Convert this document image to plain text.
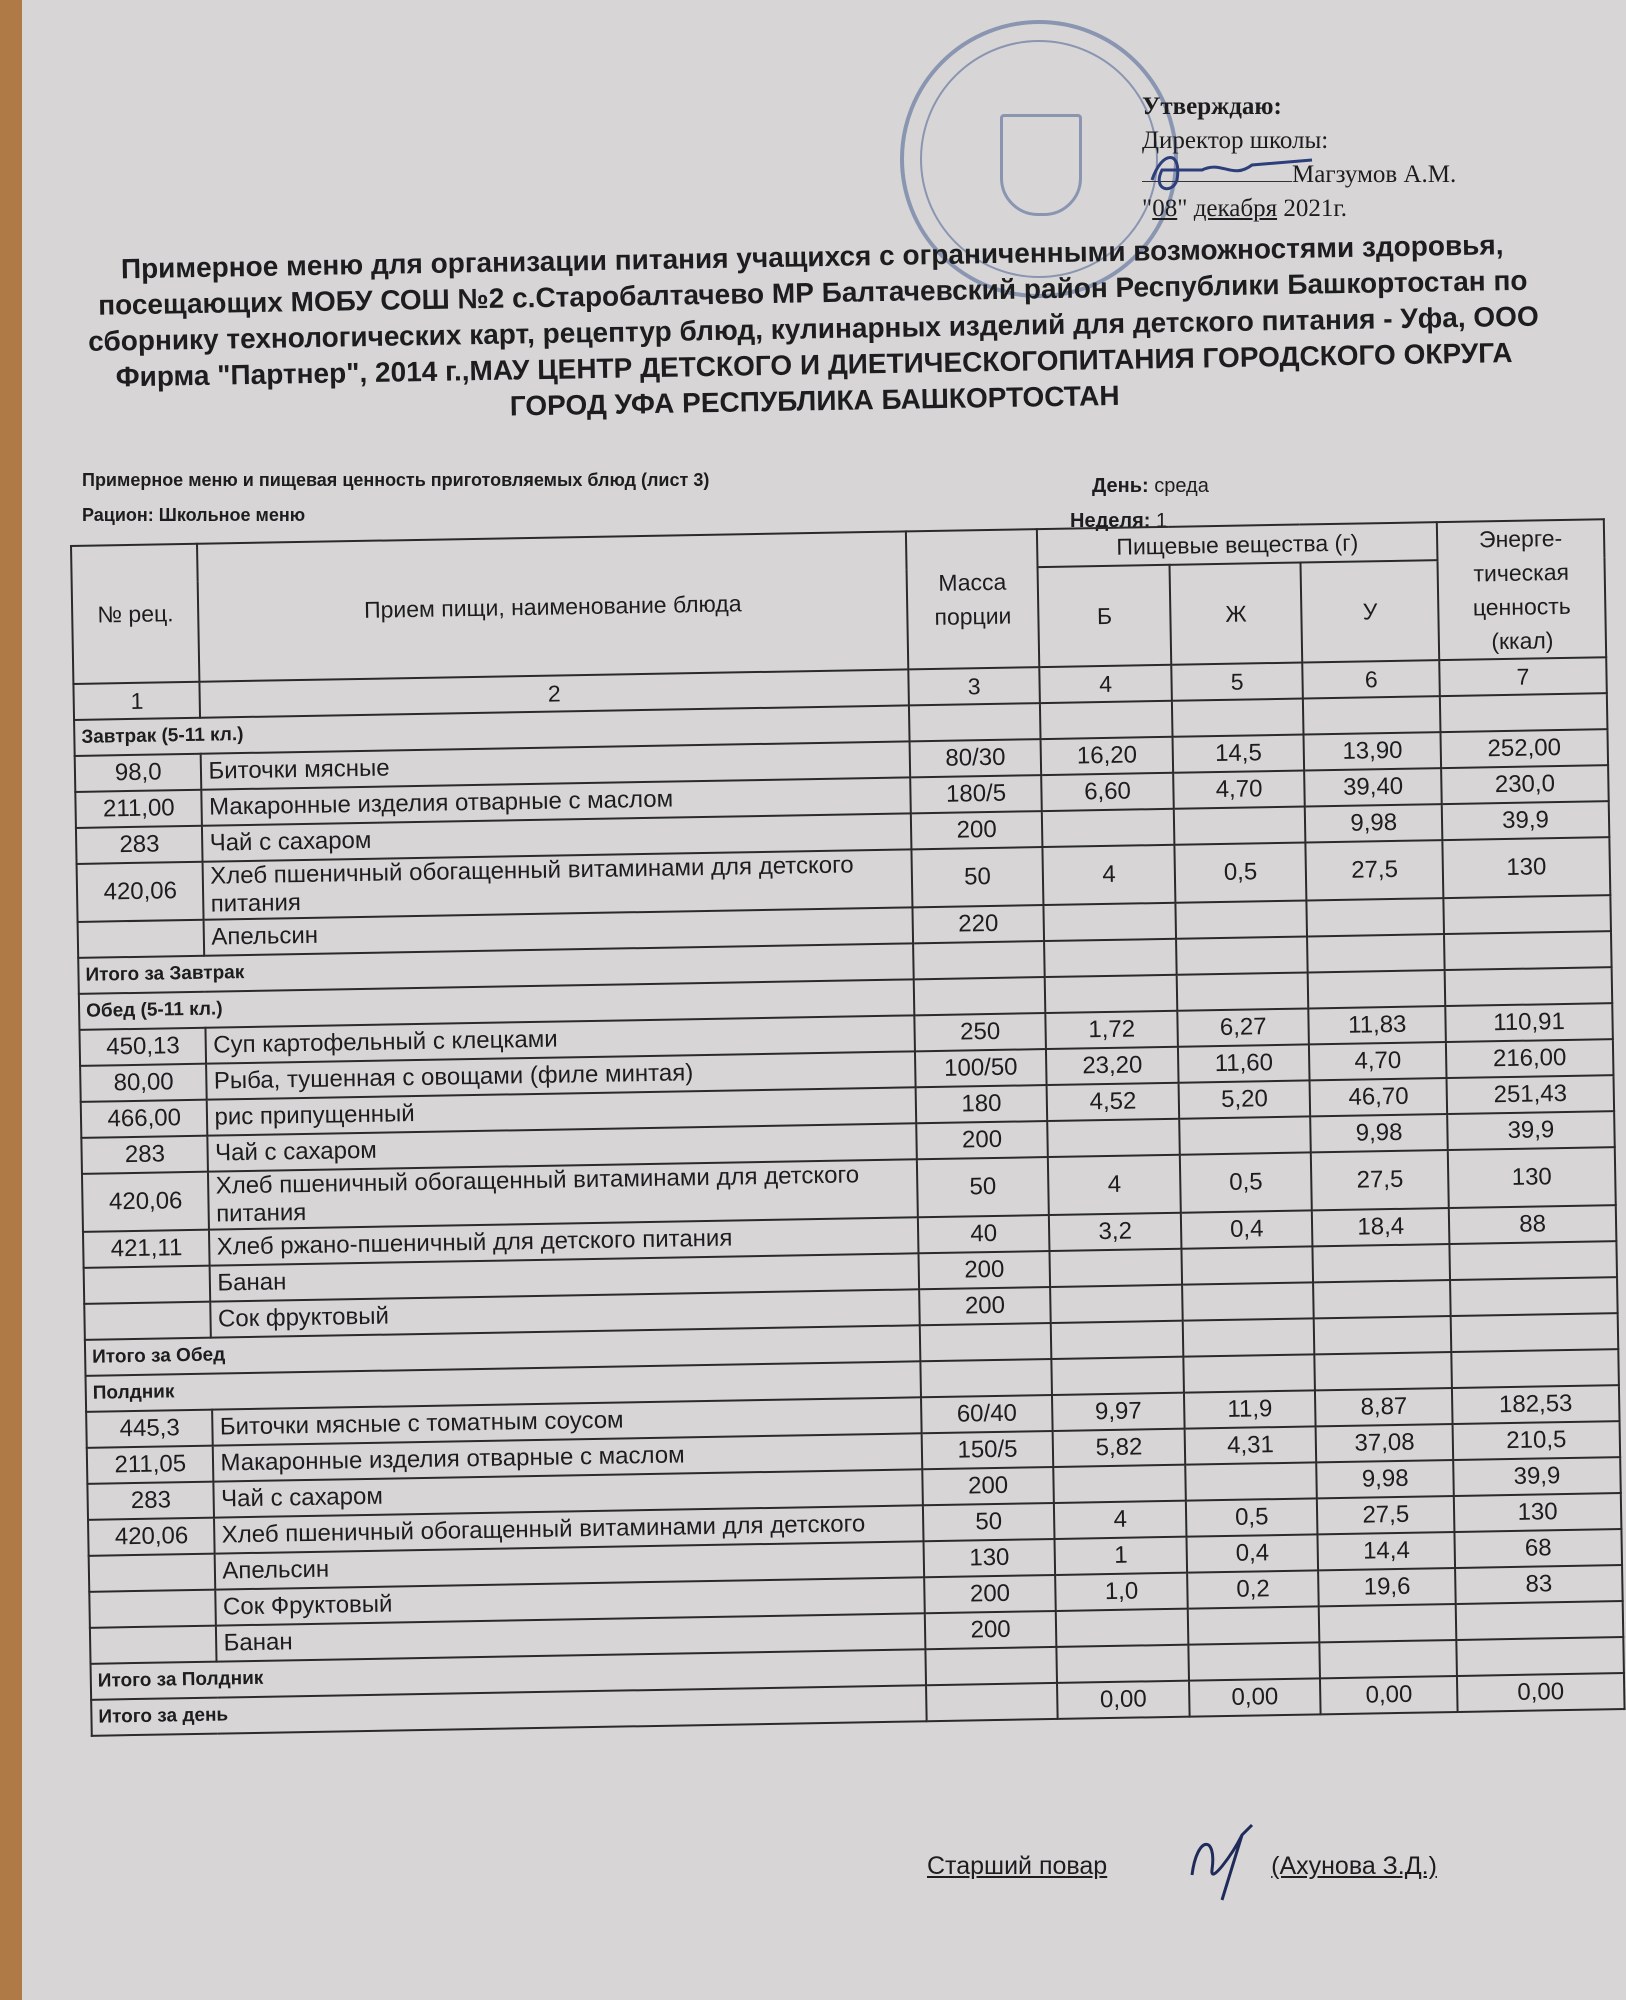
Утверждаю:
Директор школы:
Магзумов А.М.
"08" декабря 2021г.
Примерное меню для организации питания учащихся с ограниченными возможностями здоровья, посещающих МОБУ СОШ №2 с.Старобалтачево МР Балтачевский район Республики Башкортостан по сборнику технологических карт, рецептур блюд, кулинарных изделий для детского питания - Уфа, ООО Фирма "Партнер", 2014 г.,МАУ ЦЕНТР ДЕТСКОГО И ДИЕТИЧЕСКОГОПИТАНИЯ ГОРОДСКОГО ОКРУГА ГОРОД УФА РЕСПУБЛИКА БАШКОРТОСТАН
Примерное меню и пищевая ценность приготовляемых блюд (лист 3)
Рацион: Школьное меню
День: среда
Неделя: 1
№ рец.	Прием пищи, наименование блюда	Масса порции	Пищевые вещества (г)			Энерге- тическая ценность (ккал)
			Б	Ж	У	
1	2	3	4	5	6	7
Завтрак (5-11 кл.)						
98,0	Биточки мясные	80/30	16,20	14,5	13,90	252,00
211,00	Макаронные изделия отварные с маслом	180/5	6,60	4,70	39,40	230,0
283	Чай с сахаром	200			9,98	39,9
420,06	Хлеб пшеничный обогащенный витаминами для детского питания	50	4	0,5	27,5	130
	Апельсин	220				
Итого за Завтрак						
Обед (5-11 кл.)						
450,13	Суп картофельный с клецками	250	1,72	6,27	11,83	110,91
80,00	Рыба, тушенная с овощами (филе минтая)	100/50	23,20	11,60	4,70	216,00
466,00	рис припущенный	180	4,52	5,20	46,70	251,43
283	Чай с сахаром	200			9,98	39,9
420,06	Хлеб пшеничный обогащенный витаминами для детского питания	50	4	0,5	27,5	130
421,11	Хлеб ржано-пшеничный для детского питания	40	3,2	0,4	18,4	88
	Банан	200				
	Сок фруктовый	200				
Итого за Обед						
Полдник						
445,3	Биточки мясные с томатным соусом	60/40	9,97	11,9	8,87	182,53
211,05	Макаронные изделия отварные с маслом	150/5	5,82	4,31	37,08	210,5
283	Чай с сахаром	200			9,98	39,9
420,06	Хлеб пшеничный обогащенный витаминами для детского	50	4	0,5	27,5	130
	Апельсин	130	1	0,4	14,4	68
	Сок Фруктовый	200	1,0	0,2	19,6	83
	Банан	200				
Итого за Полдник						
Итого за день			0,00	0,00	0,00	0,00
Старший повар	(Ахунова З.Д.)
